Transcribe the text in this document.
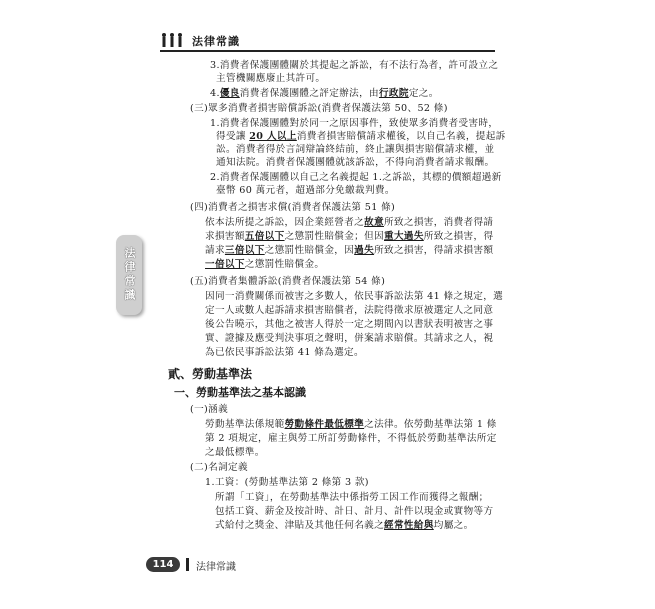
法律常識
法律常識
貳、勞動基準法
一、勞動基準法之基本認識
3.消費者保護團體關於其提起之訴訟，有不法行為者，許可設立之
主管機關應廢止其許可。
4.優良消費者保護團體之評定辦法，由行政院定之。
(三)眾多消費者損害賠償訴訟(消費者保護法第 50、52 條)
1.消費者保護團體對於同一之原因事件，致使眾多消費者受害時，
得受讓 20 人以上消費者損害賠償請求權後，以自己名義，提起訴
訟。消費者得於言詞辯論終結前，終止讓與損害賠償請求權，並
通知法院。消費者保護團體就該訴訟，不得向消費者請求報酬。
2.消費者保護團體以自己之名義提起 1.之訴訟，其標的價額超過新
臺幣 60 萬元者，超過部分免繳裁判費。
(四)消費者之損害求償(消費者保護法第 51 條)
依本法所提之訴訟，因企業經營者之故意所致之損害，消費者得請
求損害額五倍以下之懲罰性賠償金；但因重大過失所致之損害，得
請求三倍以下之懲罰性賠償金，因過失所致之損害，得請求損害額
一倍以下之懲罰性賠償金。
(五)消費者集體訴訟(消費者保護法第 54 條)
因同一消費關係而被害之多數人，依民事訴訟法第 41 條之規定，選
定一人或數人起訴請求損害賠償者，法院得徵求原被選定人之同意
後公告曉示，其他之被害人得於一定之期間內以書狀表明被害之事
實、證據及應受判決事項之聲明，併案請求賠償。其請求之人，視
為已依民事訴訟法第 41 條為選定。
(一)涵義
勞動基準法係規範勞動條件最低標準之法律。依勞動基準法第 1 條
第 2 項規定，雇主與勞工所訂勞動條件，不得低於勞動基準法所定
之最低標準。
(二)名詞定義
1.工資：(勞動基準法第 2 條第 3 款)
所謂「工資」，在勞動基準法中係指勞工因工作而獲得之報酬；
包括工資、薪金及按計時、計日、計月、計件以現金或實物等方
式給付之獎金、津貼及其他任何名義之經常性給與均屬之。
114	法律常識
